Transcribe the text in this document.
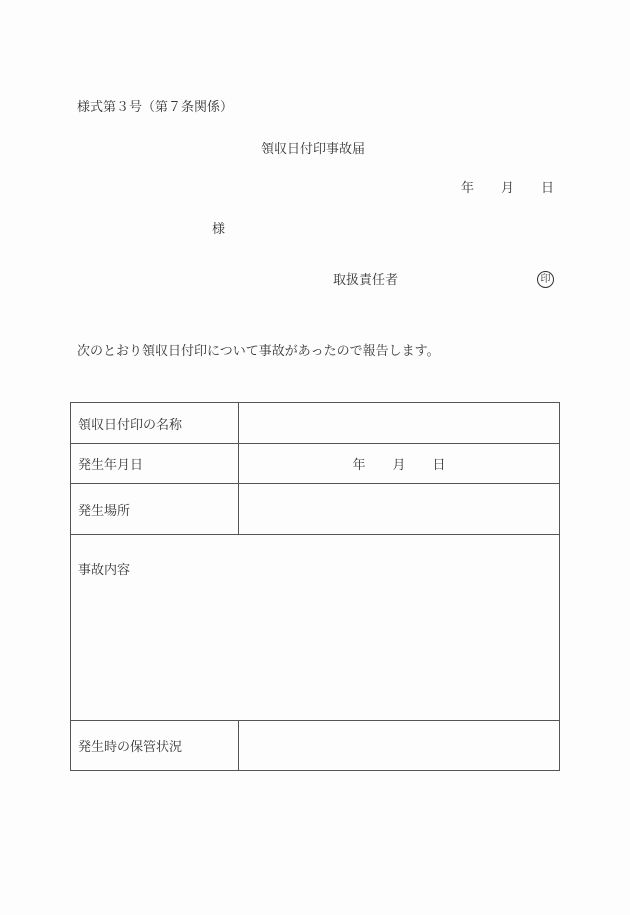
様式第３号（第７条関係）
領収日付印事故届
年 月 日
様
取扱責任者	印
次のとおり領収日付印について事故があったので報告します。
領収日付印の名称	
発生年月日	年 月 日
発生場所	
事故内容	
発生時の保管状況	
